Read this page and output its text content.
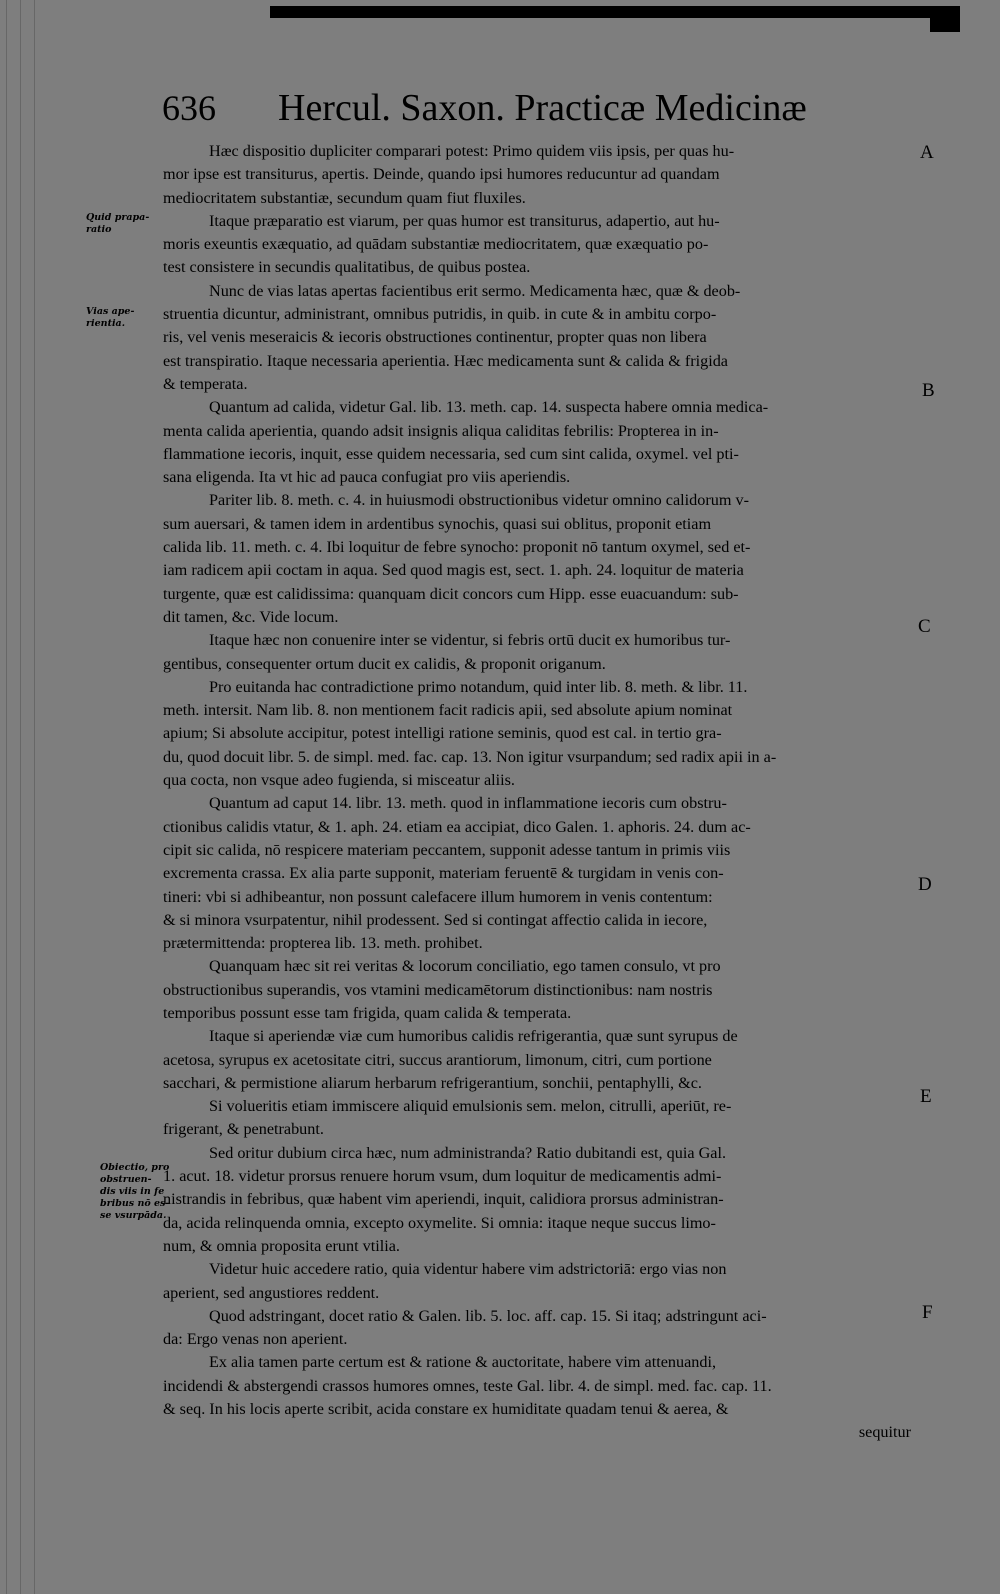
636 Hercul. Saxon. Practicæ Medicinæ
Quid prapa-
ratio
Vias ape-
rientia.
Obiectio, pro
obstruen-
dis viis in fe
bribus nō es-
se vsurpāda.
A
B
C
D
E
F
Hæc dispositio dupliciter comparari potest: Primo quidem viis ipsis, per quas hu-
mor ipse est transiturus, apertis. Deinde, quando ipsi humores reducuntur ad quandam
mediocritatem substantiæ, secundum quam fiut fluxiles.
Itaque præparatio est viarum, per quas humor est transiturus, adapertio, aut hu-
moris exeuntis exæquatio, ad quādam substantiæ mediocritatem, quæ exæquatio po-
test consistere in secundis qualitatibus, de quibus postea.
Nunc de vias latas apertas facientibus erit sermo. Medicamenta hæc, quæ & deob-
struentia dicuntur, administrant, omnibus putridis, in quib. in cute & in ambitu corpo-
ris, vel venis meseraicis & iecoris obstructiones continentur, propter quas non libera
est transpiratio. Itaque necessaria aperientia. Hæc medicamenta sunt & calida & frigida
& temperata.
Quantum ad calida, videtur Gal. lib. 13. meth. cap. 14. suspecta habere omnia medica-
menta calida aperientia, quando adsit insignis aliqua caliditas febrilis: Propterea in in-
flammatione iecoris, inquit, esse quidem necessaria, sed cum sint calida, oxymel. vel pti-
sana eligenda. Ita vt hic ad pauca confugiat pro viis aperiendis.
Pariter lib. 8. meth. c. 4. in huiusmodi obstructionibus videtur omnino calidorum v-
sum auersari, & tamen idem in ardentibus synochis, quasi sui oblitus, proponit etiam
calida lib. 11. meth. c. 4. Ibi loquitur de febre synocho: proponit nō tantum oxymel, sed et-
iam radicem apii coctam in aqua. Sed quod magis est, sect. 1. aph. 24. loquitur de materia
turgente, quæ est calidissima: quanquam dicit concors cum Hipp. esse euacuandum: sub-
dit tamen, &c. Vide locum.
Itaque hæc non conuenire inter se videntur, si febris ortū ducit ex humoribus tur-
gentibus, consequenter ortum ducit ex calidis, & proponit origanum.
Pro euitanda hac contradictione primo notandum, quid inter lib. 8. meth. & libr. 11.
meth. intersit. Nam lib. 8. non mentionem facit radicis apii, sed absolute apium nominat
apium; Si absolute accipitur, potest intelligi ratione seminis, quod est cal. in tertio gra-
du, quod docuit libr. 5. de simpl. med. fac. cap. 13. Non igitur vsurpandum; sed radix apii in a-
qua cocta, non vsque adeo fugienda, si misceatur aliis.
Quantum ad caput 14. libr. 13. meth. quod in inflammatione iecoris cum obstru-
ctionibus calidis vtatur, & 1. aph. 24. etiam ea accipiat, dico Galen. 1. aphoris. 24. dum ac-
cipit sic calida, nō respicere materiam peccantem, supponit adesse tantum in primis viis
excrementa crassa. Ex alia parte supponit, materiam feruentē & turgidam in venis con-
tineri: vbi si adhibeantur, non possunt calefacere illum humorem in venis contentum:
& si minora vsurpatentur, nihil prodessent. Sed si contingat affectio calida in iecore,
prætermittenda: propterea lib. 13. meth. prohibet.
Quanquam hæc sit rei veritas & locorum conciliatio, ego tamen consulo, vt pro
obstructionibus superandis, vos vtamini medicamētorum distinctionibus: nam nostris
temporibus possunt esse tam frigida, quam calida & temperata.
Itaque si aperiendæ viæ cum humoribus calidis refrigerantia, quæ sunt syrupus de
acetosa, syrupus ex acetositate citri, succus arantiorum, limonum, citri, cum portione
sacchari, & permistione aliarum herbarum refrigerantium, sonchii, pentaphylli, &c.
Si volueritis etiam immiscere aliquid emulsionis sem. melon, citrulli, aperiūt, re-
frigerant, & penetrabunt.
Sed oritur dubium circa hæc, num administranda? Ratio dubitandi est, quia Gal.
1. acut. 18. videtur prorsus renuere horum vsum, dum loquitur de medicamentis admi-
nistrandis in febribus, quæ habent vim aperiendi, inquit, calidiora prorsus administran-
da, acida relinquenda omnia, excepto oxymelite. Si omnia: itaque neque succus limo-
num, & omnia proposita erunt vtilia.
Videtur huic accedere ratio, quia videntur habere vim adstrictoriā: ergo vias non
aperient, sed angustiores reddent.
Quod adstringant, docet ratio & Galen. lib. 5. loc. aff. cap. 15. Si itaq; adstringunt aci-
da: Ergo venas non aperient.
Ex alia tamen parte certum est & ratione & auctoritate, habere vim attenuandi,
incidendi & abstergendi crassos humores omnes, teste Gal. libr. 4. de simpl. med. fac. cap. 11.
& seq. In his locis aperte scribit, acida constare ex humiditate quadam tenui & aerea, &
sequitur
